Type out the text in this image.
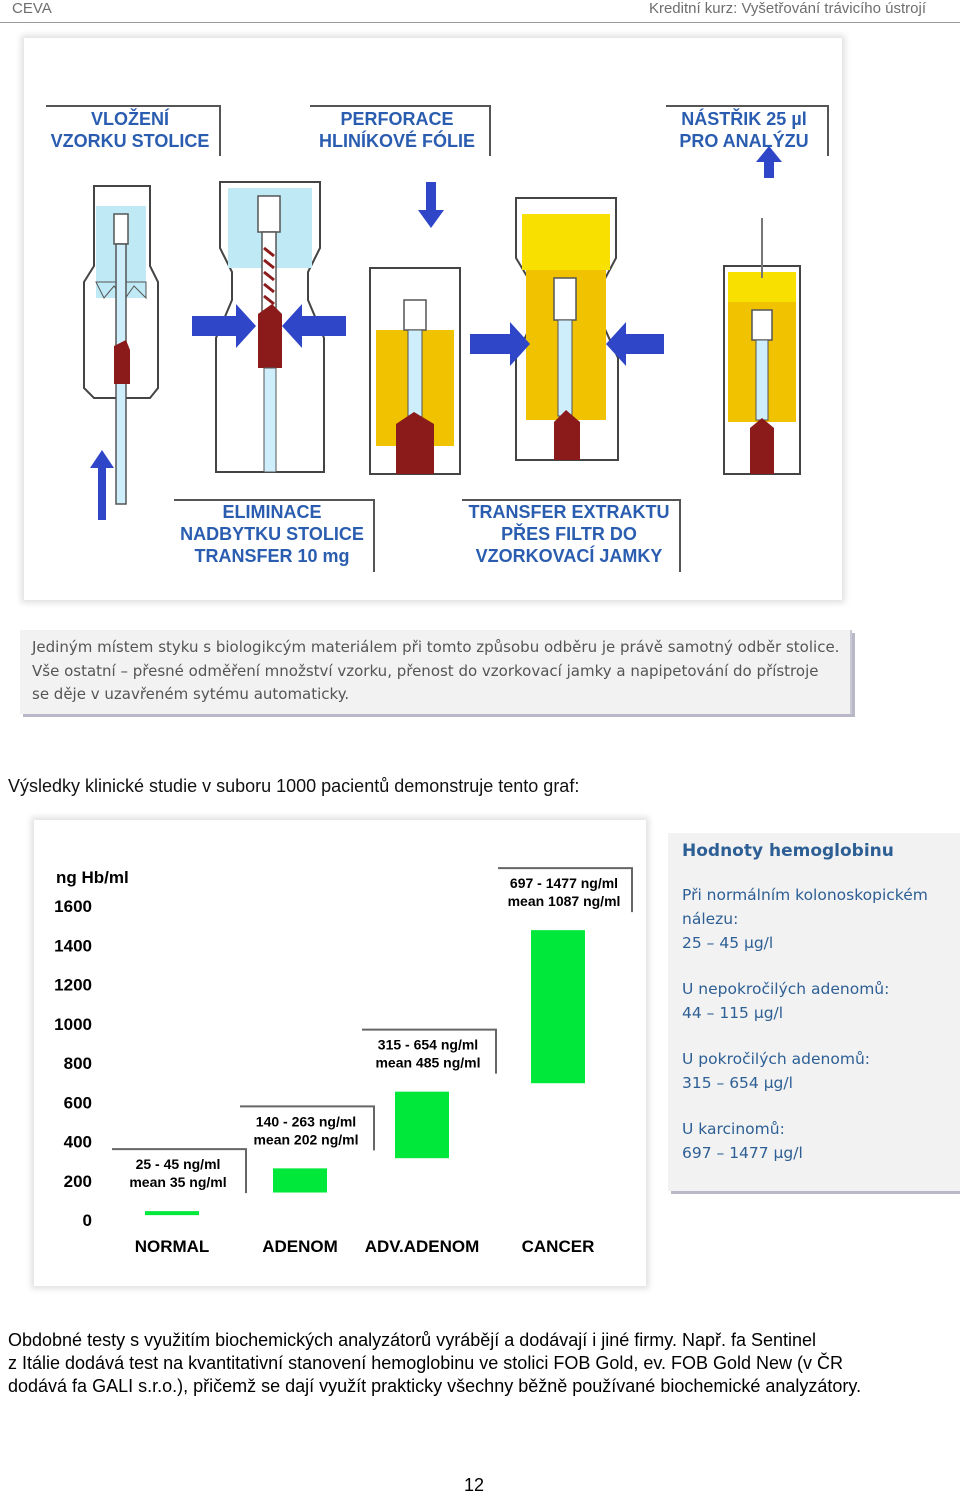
CEVA	Kreditní kurz: Vyšetřování trávicího ústrojí
VLOŽENÍ
VZORKU STOLICE
PERFORACE
HLINÍKOVÉ FÓLIE
NÁSTŘIK 25 µl
PRO ANALÝZU
ELIMINACE
NADBYTKU STOLICE
TRANSFER 10 mg
TRANSFER EXTRAKTU
PŘES FILTR DO
VZORKOVACÍ JAMKY
Jediným místem styku s biologikcým materiálem při tomto způsobu odběru je právě samotný odběr stolice. Vše ostatní – přesné odměření množství vzorku, přenost do vzorkovací jamky a napipetování do přístroje se děje v uzavřeném sytému automaticky.
Výsledky klinické studie v suboru 1000 pacientů demonstruje tento graf:
ng Hb/ml
0
200
400
600
800
1000
1200
1400
1600
NORMAL	ADENOM ADV.ADENOM CANCER
25 - 45 ng/ml
mean 35 ng/ml
140 - 263 ng/ml
mean 202 ng/ml
315 - 654 ng/ml
mean 485 ng/ml
697 - 1477 ng/ml
mean 1087 ng/ml
Hodnoty hemoglobinu
Při normálním kolonoskopickém
nálezu:
25 – 45 µg/l
U nepokročilých adenomů:
44 – 115 µg/l
U pokročilých adenomů:
315 – 654 µg/l
U karcinomů:
697 – 1477 µg/l
Obdobné testy s využitím biochemických analyzátorů vyrábějí a dodávají i jiné firmy. Např. fa Sentinel
z Itálie dodává test na kvantitativní stanovení hemoglobinu ve stolici FOB Gold, ev. FOB Gold New (v ČR
dodává fa GALI s.r.o.), přičemž se dají využít prakticky všechny běžně používané biochemické analyzátory.
12
